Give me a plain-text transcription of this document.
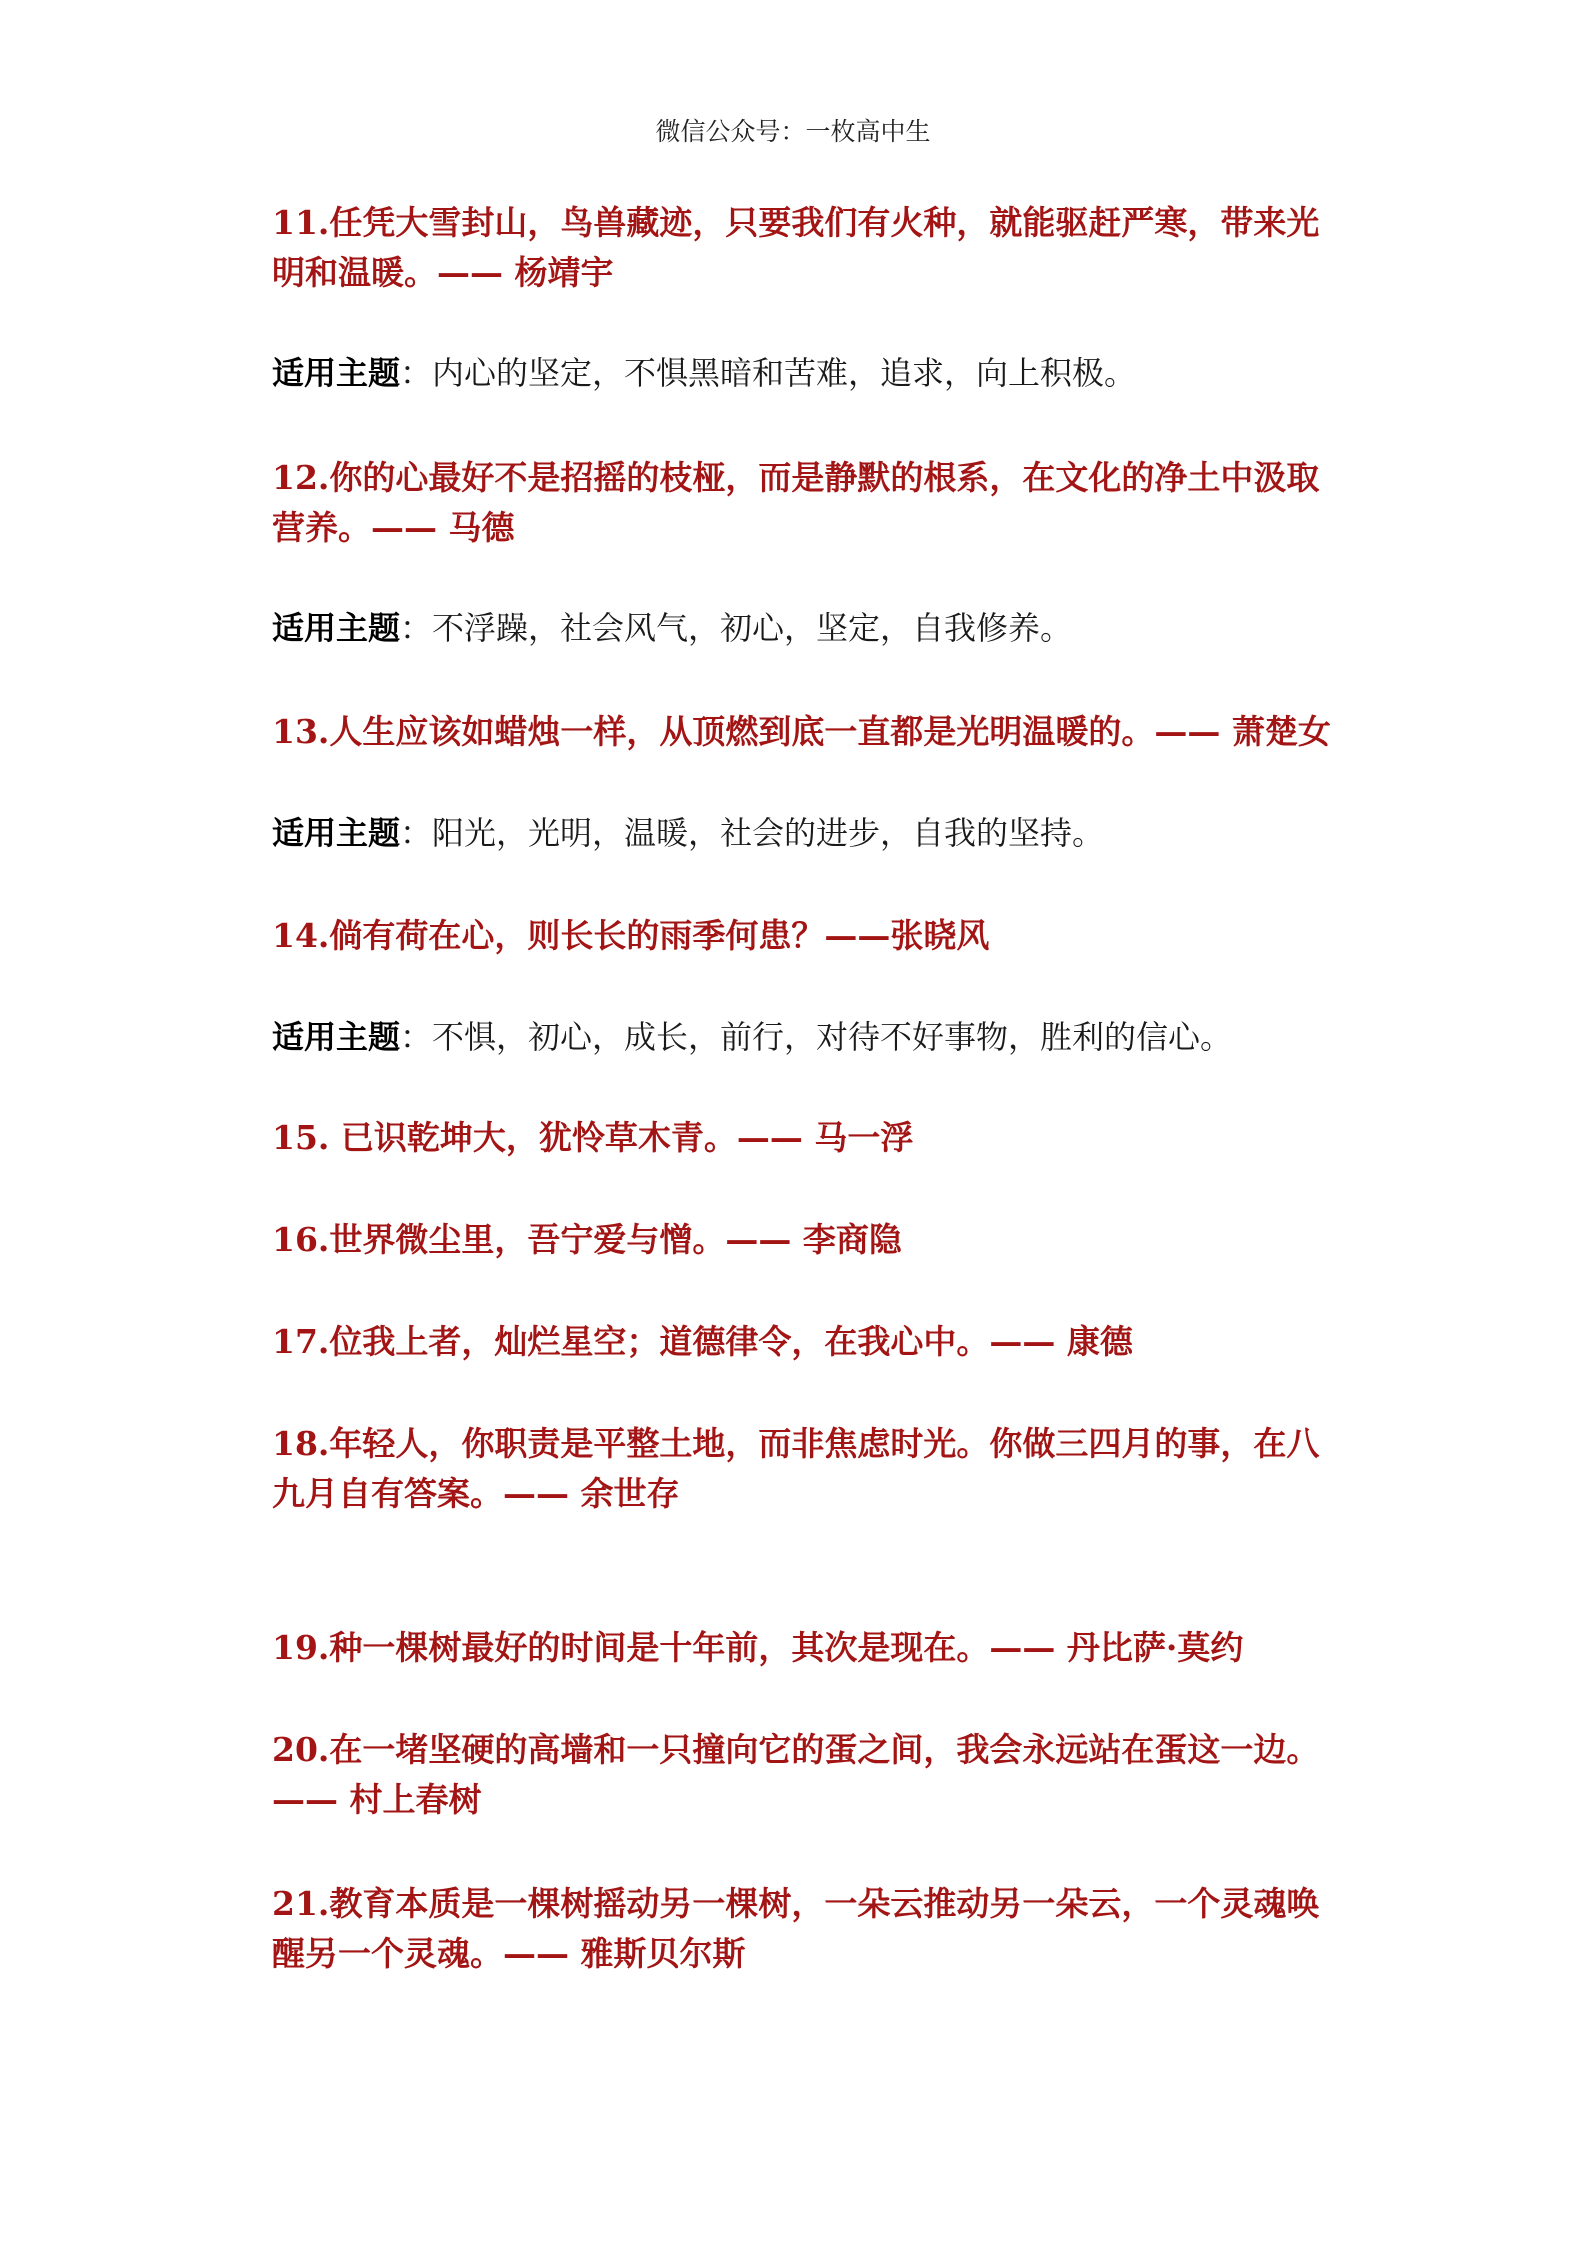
微信公众号：一枚高中生
11.任凭大雪封山，鸟兽藏迹，只要我们有火种，就能驱赶严寒，带来光明和温暖。—— 杨靖宇
适用主题：内心的坚定，不惧黑暗和苦难，追求，向上积极。
12.你的心最好不是招摇的枝桠，而是静默的根系，在文化的净土中汲取营养。—— 马德
适用主题：不浮躁，社会风气，初心，坚定，自我修养。
13.人生应该如蜡烛一样，从顶燃到底一直都是光明温暖的。—— 萧楚女
适用主题：阳光，光明，温暖，社会的进步，自我的坚持。
14.倘有荷在心，则长长的雨季何患？——张晓风
适用主题：不惧，初心，成长，前行，对待不好事物，胜利的信心。
15. 已识乾坤大，犹怜草木青。—— 马一浮
16.世界微尘里，吾宁爱与憎。—— 李商隐
17.位我上者，灿烂星空；道德律令，在我心中。—— 康德
18.年轻人，你职责是平整土地，而非焦虑时光。你做三四月的事，在八九月自有答案。—— 余世存
19.种一棵树最好的时间是十年前，其次是现在。—— 丹比萨·莫约
20.在一堵坚硬的高墙和一只撞向它的蛋之间，我会永远站在蛋这一边。—— 村上春树
21.教育本质是一棵树摇动另一棵树，一朵云推动另一朵云，一个灵魂唤醒另一个灵魂。—— 雅斯贝尔斯
